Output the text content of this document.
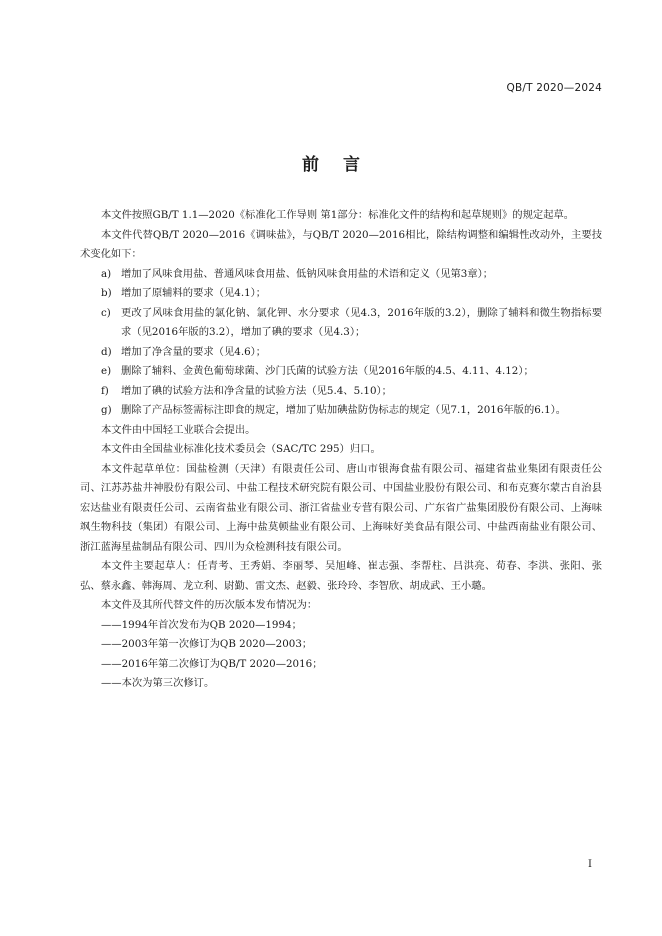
QB/T 2020—2024
前言

本文件按照GB/T 1.1—2020《标准化工作导则 第1部分：标准化文件的结构和起草规则》的规定起草。

本文件代替QB/T 2020—2016《调味盐》，与QB/T 2020—2016相比，除结构调整和编辑性改动外，主要技术变化如下：

a) 增加了风味食用盐、普通风味食用盐、低钠风味食用盐的术语和定义（见第3章）；

b) 增加了原辅料的要求（见4.1）；

c) 更改了风味食用盐的氯化钠、氯化钾、水分要求（见4.3，2016年版的3.2），删除了辅料和微生物指标要求（见2016年版的3.2），增加了碘的要求（见4.3）；

d) 增加了净含量的要求（见4.6）；

e) 删除了辅料、金黄色葡萄球菌、沙门氏菌的试验方法（见2016年版的4.5、4.11、4.12）；

f) 增加了碘的试验方法和净含量的试验方法（见5.4、5.10）；

g) 删除了产品标签需标注即食的规定，增加了贴加碘盐防伪标志的规定（见7.1，2016年版的6.1）。

本文件由中国轻工业联合会提出。

本文件由全国盐业标准化技术委员会（SAC/TC 295）归口。

本文件起草单位：国盐检测（天津）有限责任公司、唐山市银海食盐有限公司、福建省盐业集团有限责任公司、江苏苏盐井神股份有限公司、中盐工程技术研究院有限公司、中国盐业股份有限公司、和布克赛尔蒙古自治县宏达盐业有限责任公司、云南省盐业有限公司、浙江省盐业专营有限公司、广东省广盐集团股份有限公司、上海味飒生物科技（集团）有限公司、上海中盐莫顿盐业有限公司、上海味好美食品有限公司、中盐西南盐业有限公司、浙江蓝海星盐制品有限公司、四川为众检测科技有限公司。

本文件主要起草人：任青考、王秀娟、李丽琴、吴旭峰、崔志强、李帮柱、吕洪亮、荀春、李洪、张阳、张弘、蔡永鑫、韩海周、龙立利、尉勤、雷文杰、赵毅、张玲玲、李智欣、胡成武、王小璐。

本文件及其所代替文件的历次版本发布情况为：

——1994年首次发布为QB 2020—1994；

——2003年第一次修订为QB 2020—2003；

——2016年第二次修订为QB/T 2020—2016；

——本次为第三次修订。

I
